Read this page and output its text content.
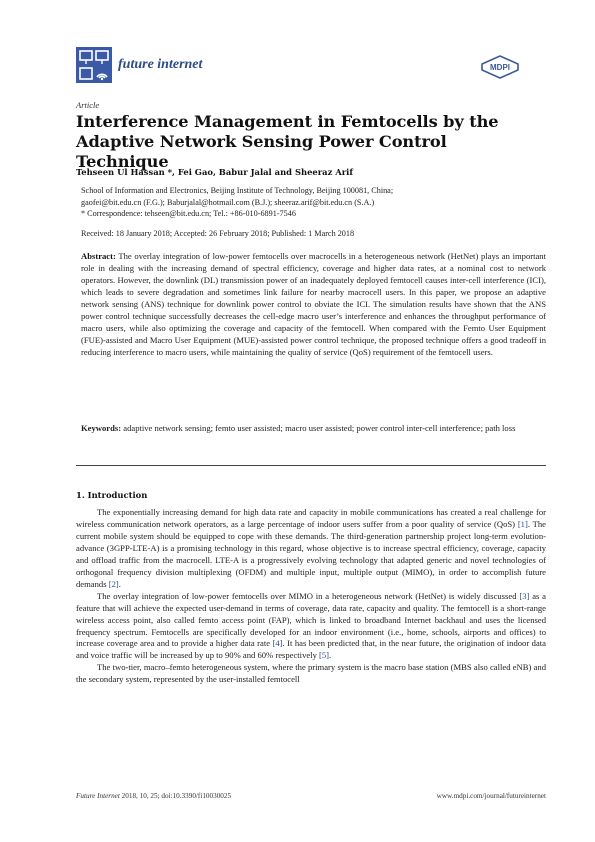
future internet	MDPI
Article
Interference Management in Femtocells by the Adaptive Network Sensing Power Control Technique
Tehseen Ul Hassan *, Fei Gao, Babur Jalal and Sheeraz Arif
School of Information and Electronics, Beijing Institute of Technology, Beijing 100081, China;
gaofei@bit.edu.cn (F.G.); Baburjalal@hotmail.com (B.J.); sheeraz.arif@bit.edu.cn (S.A.)
* Correspondence: tehseen@bit.edu.cn; Tel.: +86-010-6891-7546
Received: 18 January 2018; Accepted: 26 February 2018; Published: 1 March 2018

Abstract: The overlay integration of low-power femtocells over macrocells in a heterogeneous network (HetNet) plays an important role in dealing with the increasing demand of spectral efficiency, coverage and higher data rates, at a nominal cost to network operators. However, the downlink (DL) transmission power of an inadequately deployed femtocell causes inter-cell interference (ICI), which leads to severe degradation and sometimes link failure for nearby macrocell users. In this paper, we propose an adaptive network sensing (ANS) technique for downlink power control to obviate the ICI. The simulation results have shown that the ANS power control technique successfully decreases the cell-edge macro user’s interference and enhances the throughput performance of macro users, while also optimizing the coverage and capacity of the femtocell. When compared with the Femto User Equipment (FUE)-assisted and Macro User Equipment (MUE)-assisted power control technique, the proposed technique offers a good tradeoff in reducing interference to macro users, while maintaining the quality of service (QoS) requirement of the femtocell users.

Keywords: adaptive network sensing; femto user assisted; macro user assisted; power control inter-cell interference; path loss

1. Introduction

The exponentially increasing demand for high data rate and capacity in mobile communications has created a real challenge for wireless communication network operators, as a large percentage of indoor users suffer from a poor quality of service (QoS) [1]. The current mobile system should be equipped to cope with these demands. The third-generation partnership project long-term evolution-advance (3GPP-LTE-A) is a promising technology in this regard, whose objective is to increase spectral efficiency, coverage, capacity and offload traffic from the macrocell. LTE-A is a progressively evolving technology that adapted generic and novel technologies of orthogonal frequency division multiplexing (OFDM) and multiple input, multiple output (MIMO), in order to accomplish future demands [2].

The overlay integration of low-power femtocells over MIMO in a heterogeneous network (HetNet) is widely discussed [3] as a feature that will achieve the expected user-demand in terms of coverage, data rate, capacity and quality. The femtocell is a short-range wireless access point, also called femto access point (FAP), which is linked to broadband Internet backhaul and uses the licensed frequency spectrum. Femtocells are specifically developed for an indoor environment (i.e., home, schools, airports and offices) to increase coverage area and to provide a higher data rate [4]. It has been predicted that, in the near future, the origination of indoor data and voice traffic will be increased by up to 90% and 60% respectively [5].

The two-tier, macro–femto heterogeneous system, where the primary system is the macro base station (MBS also called eNB) and the secondary system, represented by the user-installed femtocell

Future Internet 2018, 10, 25; doi:10.3390/fi10030025	www.mdpi.com/journal/futureinternet
